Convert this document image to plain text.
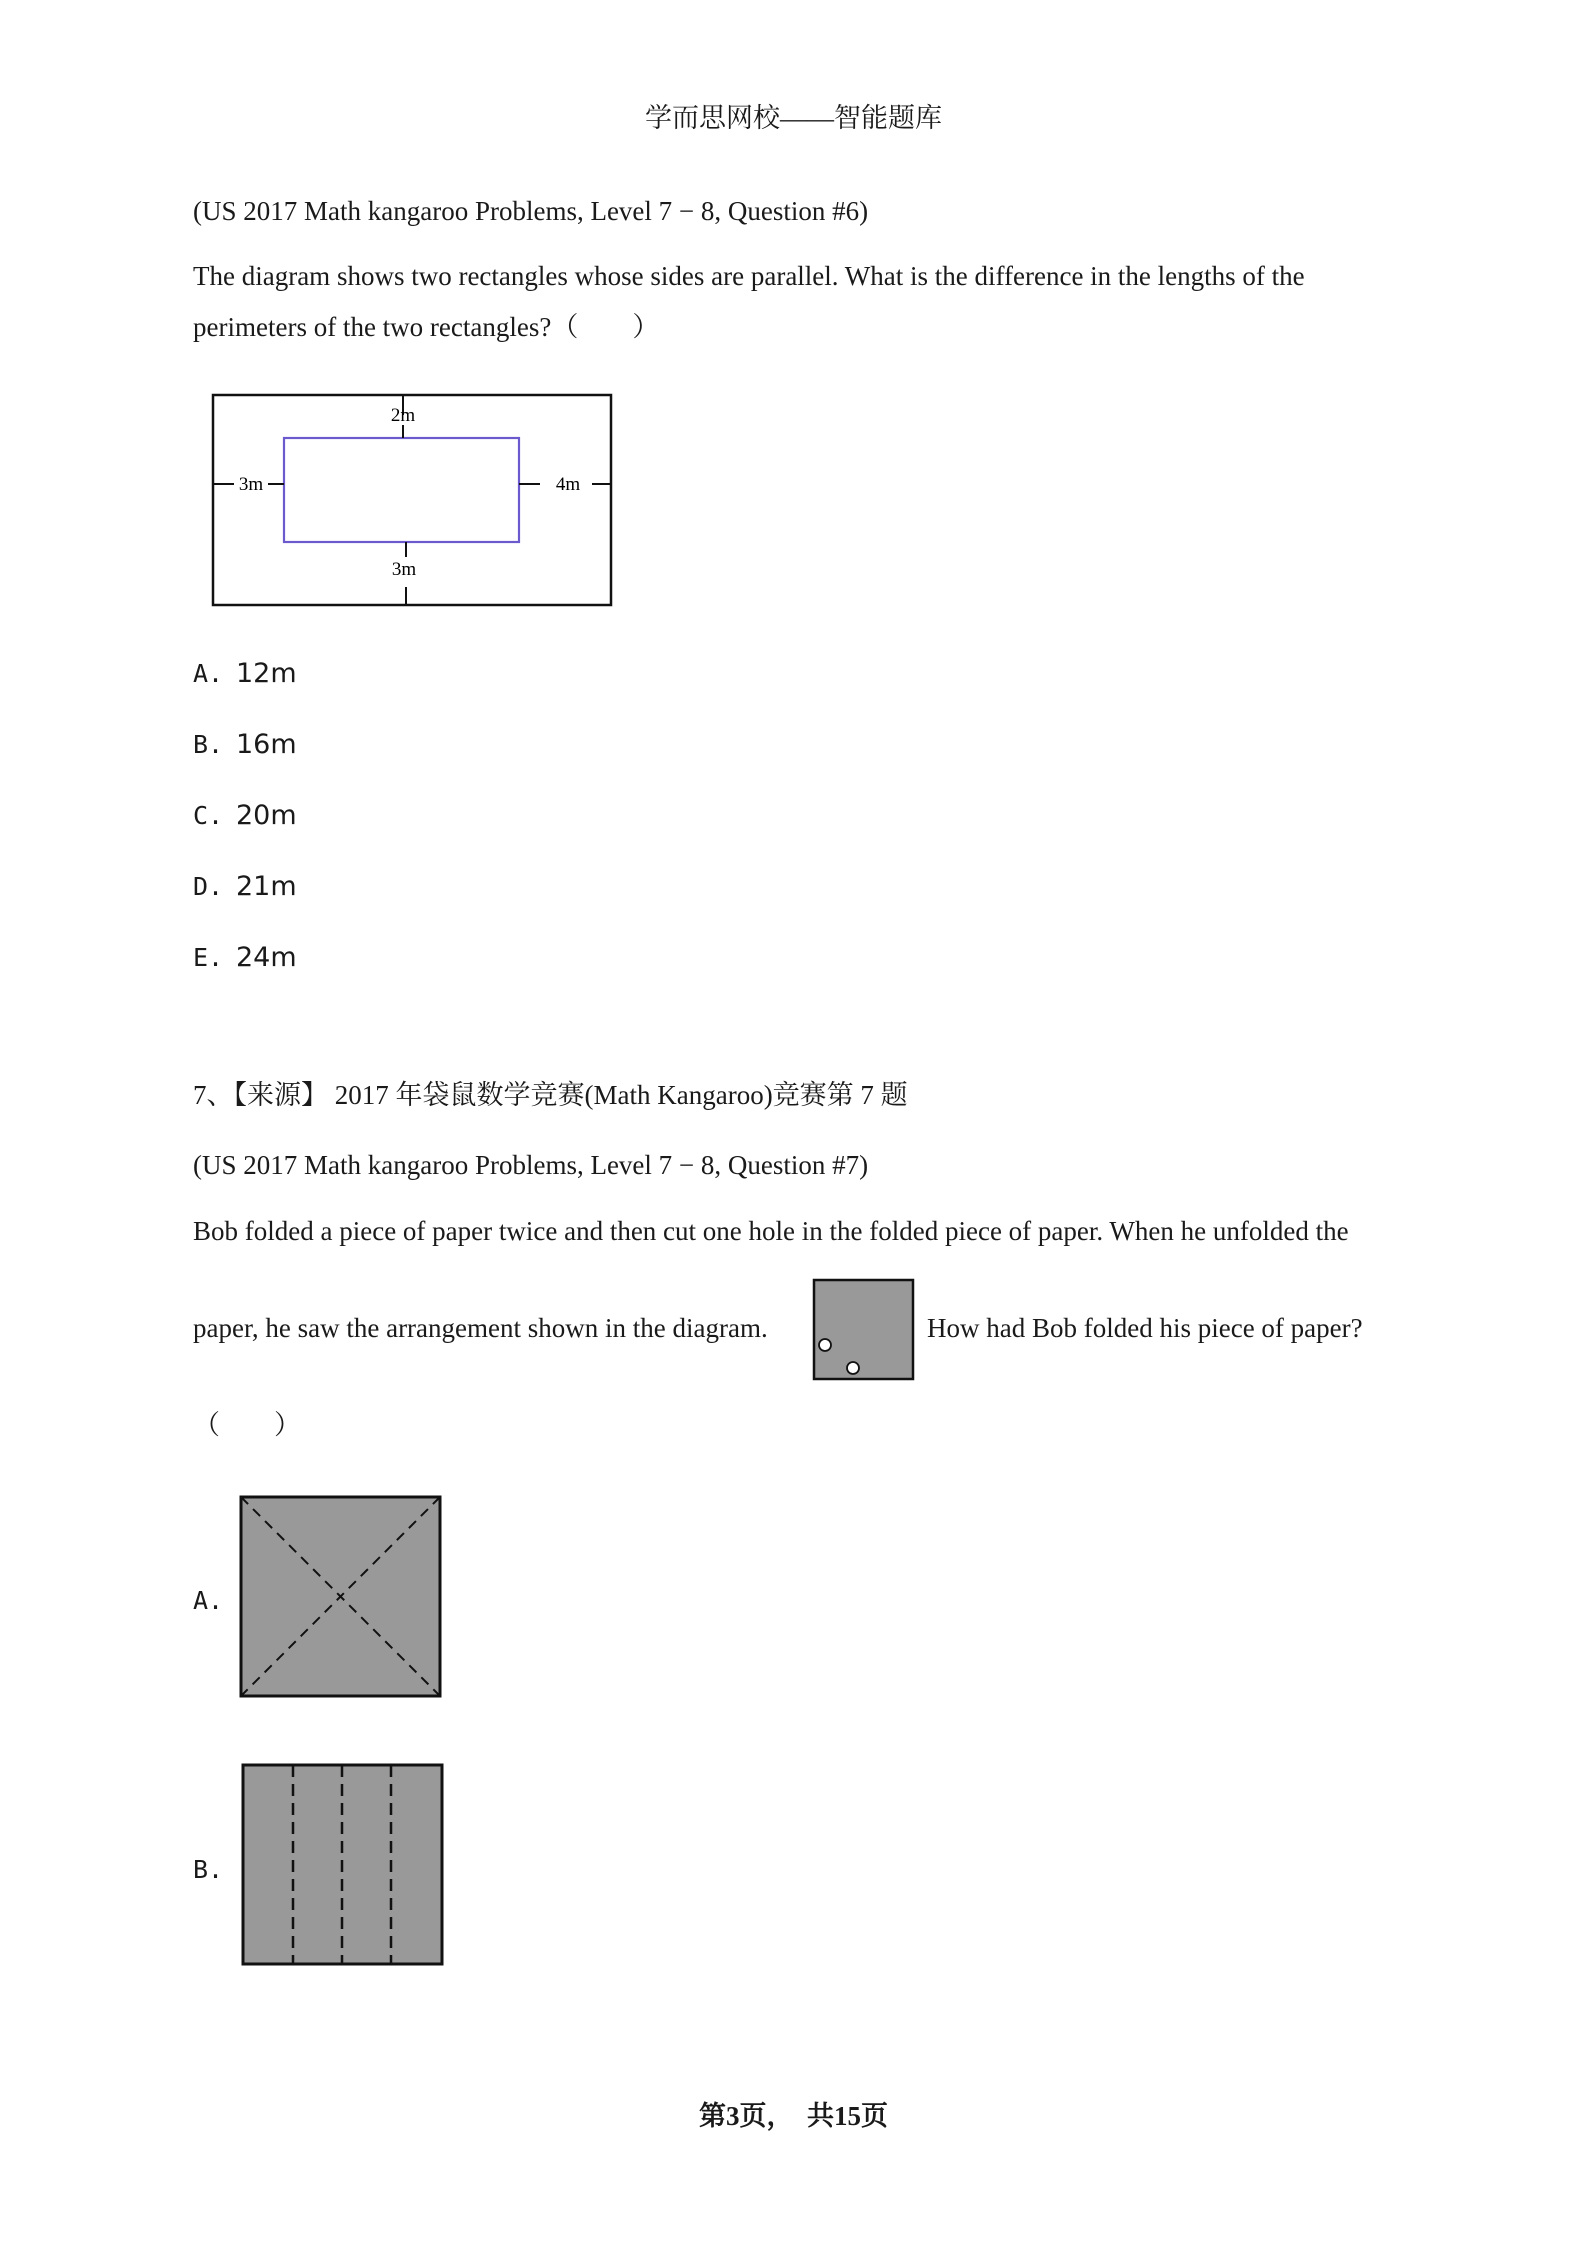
学而思网校——智能题库
(US 2017 Math kangaroo Problems, Level 7 − 8, Question #6)
The diagram shows two rectangles whose sides are parallel. What is the difference in the lengths of the
perimeters of the two rectangles?（　　）
2m
3m	4m
3m
A. 12m
B. 16m
C. 20m
D. 21m
E. 24m
7、【来源】 2017 年袋鼠数学竞赛(Math Kangaroo)竞赛第 7 题
(US 2017 Math kangaroo Problems, Level 7 − 8, Question #7)
Bob folded a piece of paper twice and then cut one hole in the folded piece of paper. When he unfolded the
paper, he saw the arrangement shown in the diagram.	How had Bob folded his piece of paper?
（　　）
A.
B.
第3页，　共15页
